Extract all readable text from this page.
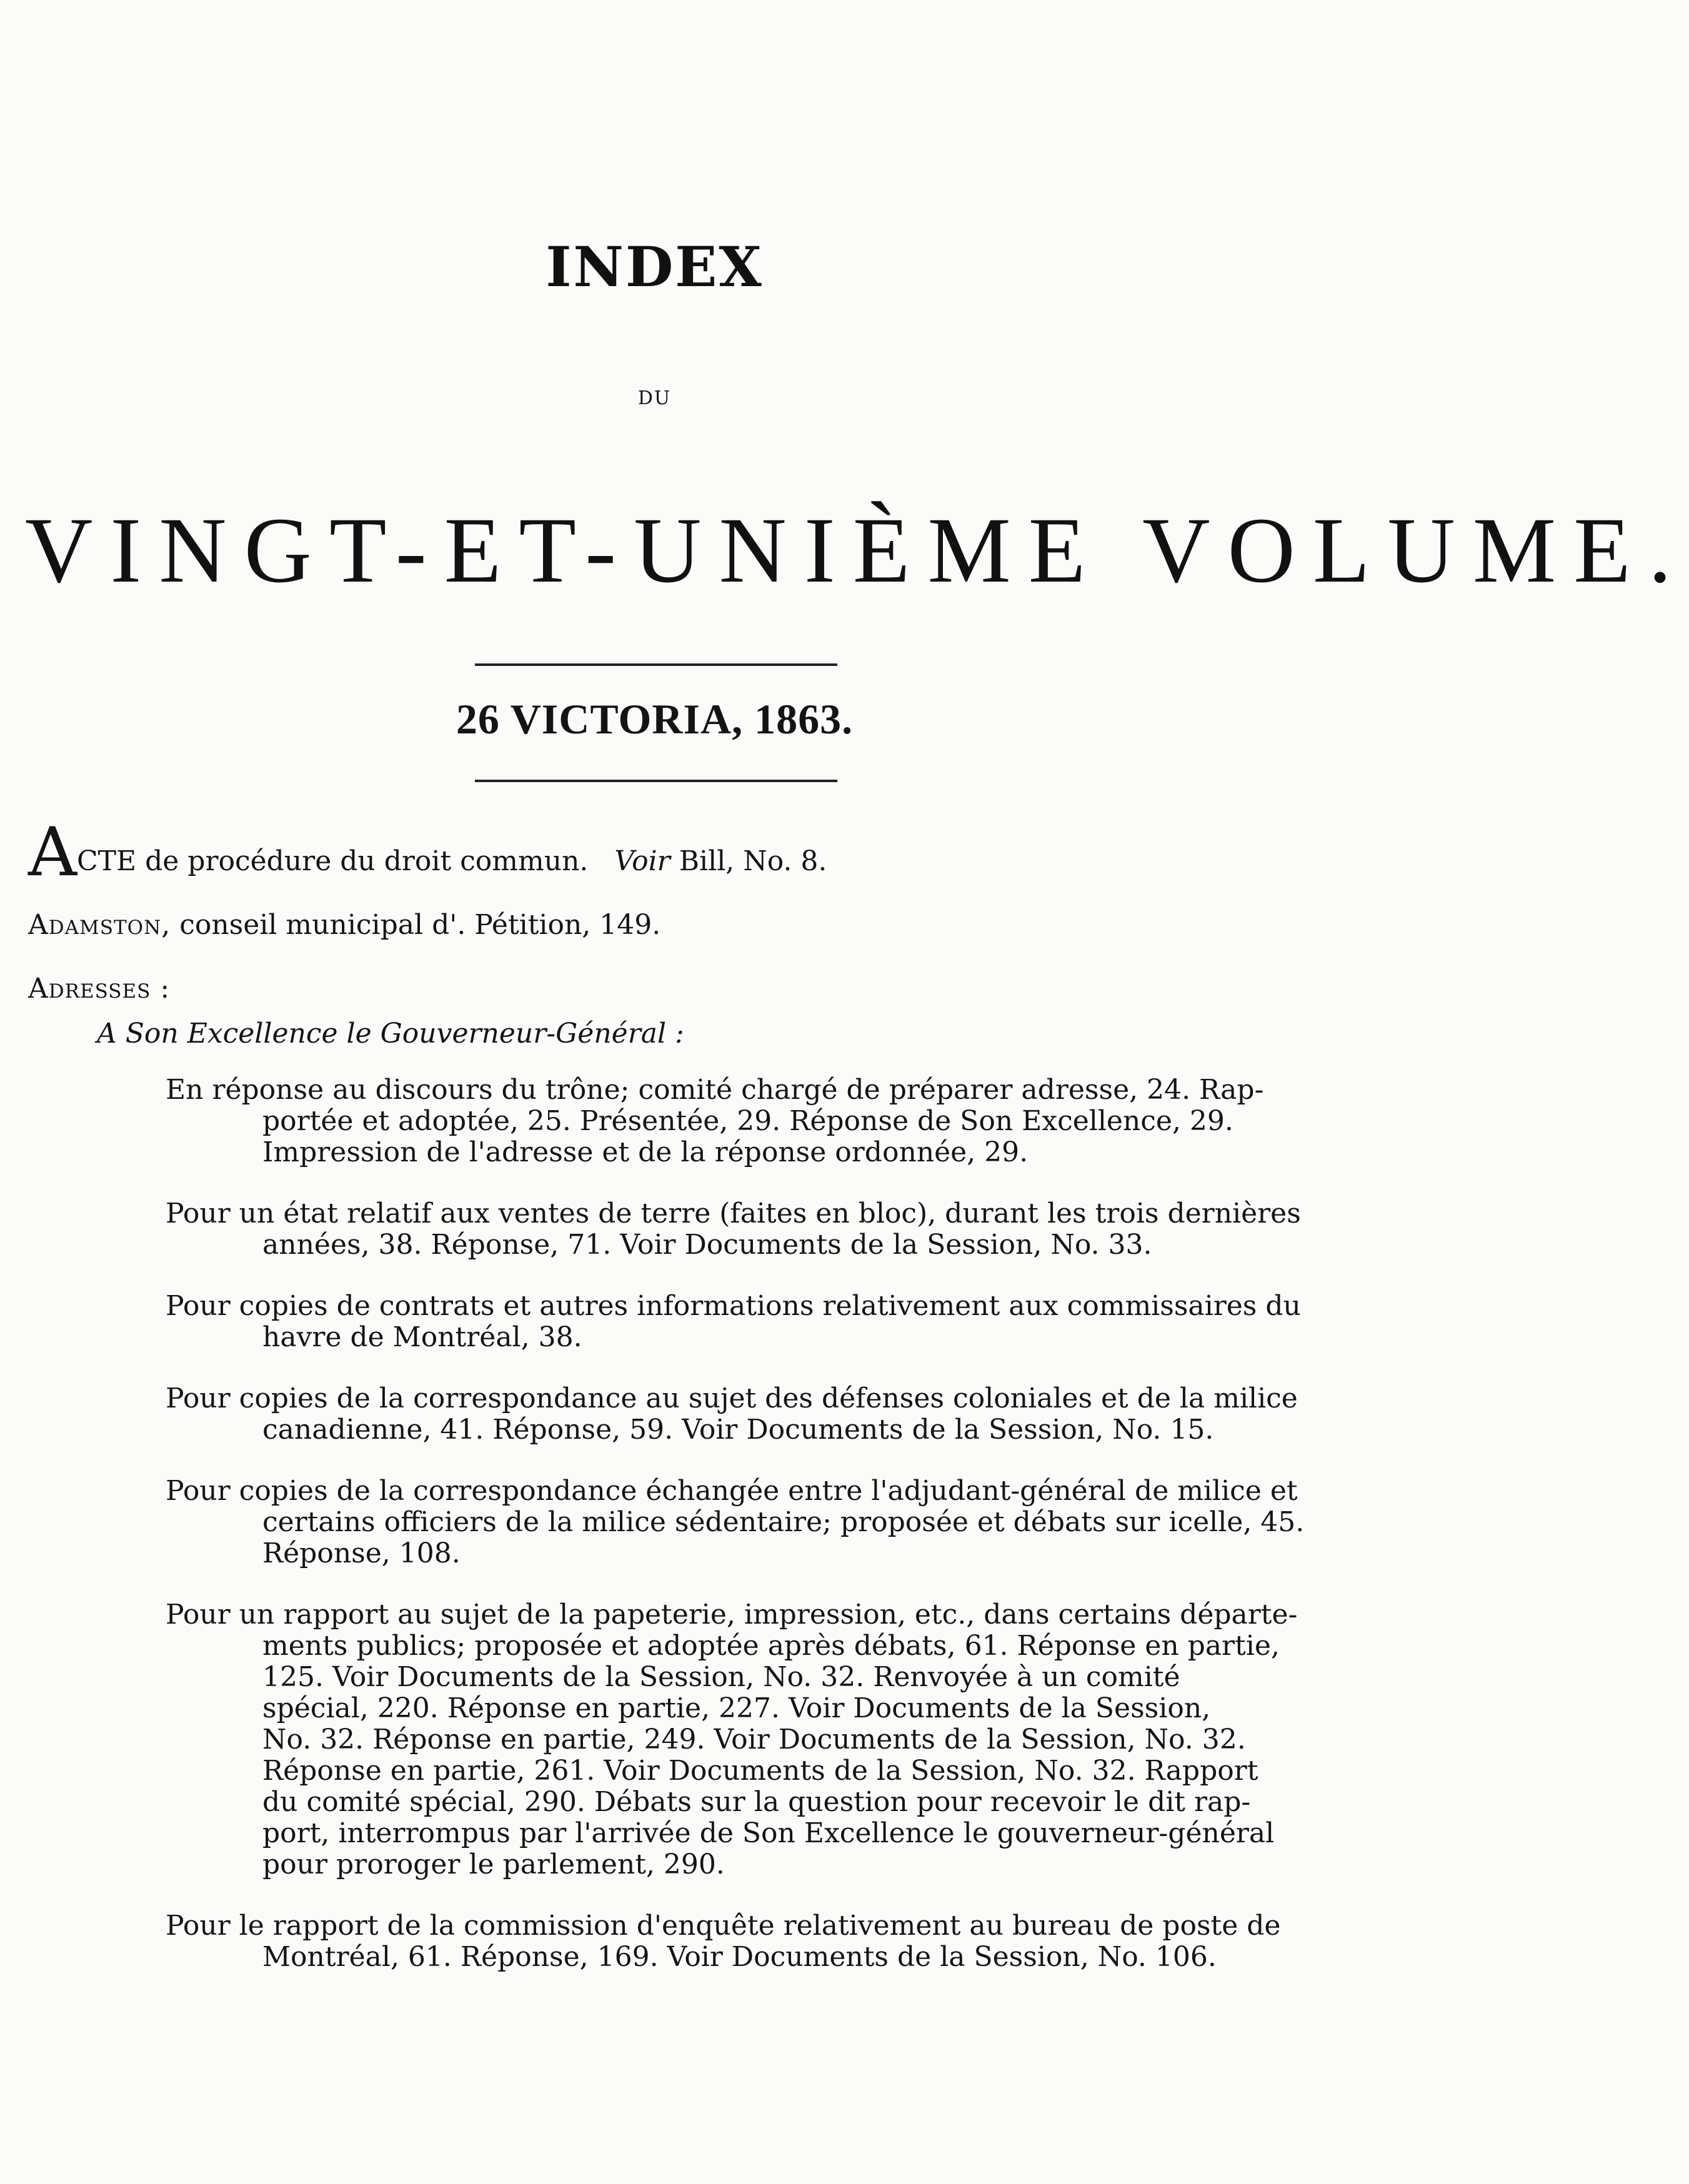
INDEX
DU
VINGT-ET-UNIÈME VOLUME.
26 VICTORIA, 1863.
ACTE de procédure du droit commun. Voir Bill, No. 8.
Adamston, conseil municipal d'. Pétition, 149.
Adresses :
A Son Excellence le Gouverneur-Général :
En réponse au discours du trône; comité chargé de préparer adresse, 24. Rap-
portée et adoptée, 25. Présentée, 29. Réponse de Son Excellence, 29.
Impression de l'adresse et de la réponse ordonnée, 29.
Pour un état relatif aux ventes de terre (faites en bloc), durant les trois dernières
années, 38. Réponse, 71. Voir Documents de la Session, No. 33.
Pour copies de contrats et autres informations relativement aux commissaires du
havre de Montréal, 38.
Pour copies de la correspondance au sujet des défenses coloniales et de la milice
canadienne, 41. Réponse, 59. Voir Documents de la Session, No. 15.
Pour copies de la correspondance échangée entre l'adjudant-général de milice et
certains officiers de la milice sédentaire; proposée et débats sur icelle, 45.
Réponse, 108.
Pour un rapport au sujet de la papeterie, impression, etc., dans certains départe-
ments publics; proposée et adoptée après débats, 61. Réponse en partie,
125. Voir Documents de la Session, No. 32. Renvoyée à un comité
spécial, 220. Réponse en partie, 227. Voir Documents de la Session,
No. 32. Réponse en partie, 249. Voir Documents de la Session, No. 32.
Réponse en partie, 261. Voir Documents de la Session, No. 32. Rapport
du comité spécial, 290. Débats sur la question pour recevoir le dit rap-
port, interrompus par l'arrivée de Son Excellence le gouverneur-général
pour proroger le parlement, 290.
Pour le rapport de la commission d'enquête relativement au bureau de poste de
Montréal, 61. Réponse, 169. Voir Documents de la Session, No. 106.
